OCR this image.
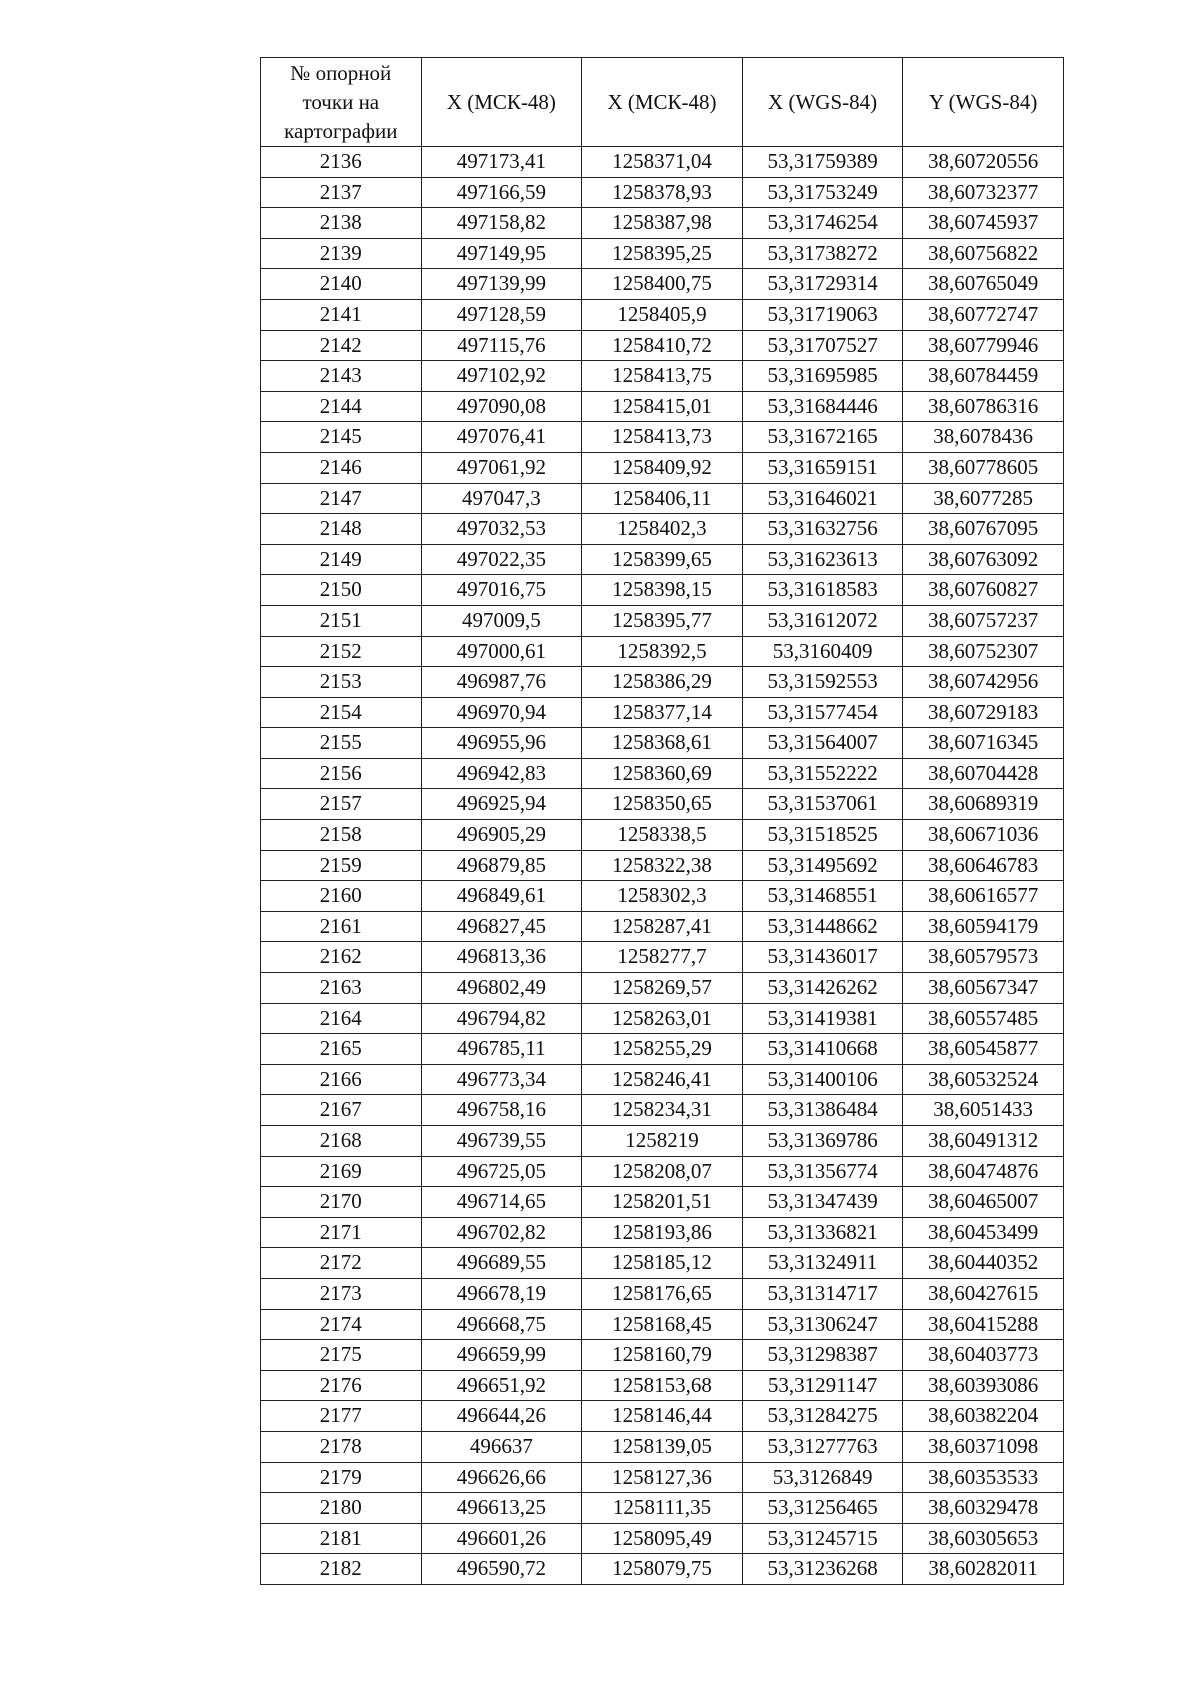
№ опорной точки на картографии	X (МСК-48)	X (МСК-48)	X (WGS-84)	Y (WGS-84)
2136	497173,41	1258371,04	53,31759389	38,60720556
2137	497166,59	1258378,93	53,31753249	38,60732377
2138	497158,82	1258387,98	53,31746254	38,60745937
2139	497149,95	1258395,25	53,31738272	38,60756822
2140	497139,99	1258400,75	53,31729314	38,60765049
2141	497128,59	1258405,9	53,31719063	38,60772747
2142	497115,76	1258410,72	53,31707527	38,60779946
2143	497102,92	1258413,75	53,31695985	38,60784459
2144	497090,08	1258415,01	53,31684446	38,60786316
2145	497076,41	1258413,73	53,31672165	38,6078436
2146	497061,92	1258409,92	53,31659151	38,60778605
2147	497047,3	1258406,11	53,31646021	38,6077285
2148	497032,53	1258402,3	53,31632756	38,60767095
2149	497022,35	1258399,65	53,31623613	38,60763092
2150	497016,75	1258398,15	53,31618583	38,60760827
2151	497009,5	1258395,77	53,31612072	38,60757237
2152	497000,61	1258392,5	53,3160409	38,60752307
2153	496987,76	1258386,29	53,31592553	38,60742956
2154	496970,94	1258377,14	53,31577454	38,60729183
2155	496955,96	1258368,61	53,31564007	38,60716345
2156	496942,83	1258360,69	53,31552222	38,60704428
2157	496925,94	1258350,65	53,31537061	38,60689319
2158	496905,29	1258338,5	53,31518525	38,60671036
2159	496879,85	1258322,38	53,31495692	38,60646783
2160	496849,61	1258302,3	53,31468551	38,60616577
2161	496827,45	1258287,41	53,31448662	38,60594179
2162	496813,36	1258277,7	53,31436017	38,60579573
2163	496802,49	1258269,57	53,31426262	38,60567347
2164	496794,82	1258263,01	53,31419381	38,60557485
2165	496785,11	1258255,29	53,31410668	38,60545877
2166	496773,34	1258246,41	53,31400106	38,60532524
2167	496758,16	1258234,31	53,31386484	38,6051433
2168	496739,55	1258219	53,31369786	38,60491312
2169	496725,05	1258208,07	53,31356774	38,60474876
2170	496714,65	1258201,51	53,31347439	38,60465007
2171	496702,82	1258193,86	53,31336821	38,60453499
2172	496689,55	1258185,12	53,31324911	38,60440352
2173	496678,19	1258176,65	53,31314717	38,60427615
2174	496668,75	1258168,45	53,31306247	38,60415288
2175	496659,99	1258160,79	53,31298387	38,60403773
2176	496651,92	1258153,68	53,31291147	38,60393086
2177	496644,26	1258146,44	53,31284275	38,60382204
2178	496637	1258139,05	53,31277763	38,60371098
2179	496626,66	1258127,36	53,3126849	38,60353533
2180	496613,25	1258111,35	53,31256465	38,60329478
2181	496601,26	1258095,49	53,31245715	38,60305653
2182	496590,72	1258079,75	53,31236268	38,60282011
